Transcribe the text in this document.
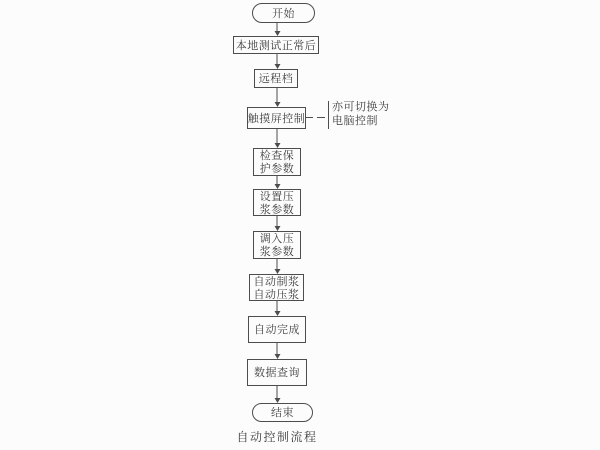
开始
本地测试正常后
远程档
触摸屏控制
亦可切换为
电脑控制
检查保
护参数
设置压
浆参数
调入压
浆参数
自动制浆
自动压浆
自动完成
数据查询
结束
自动控制流程
